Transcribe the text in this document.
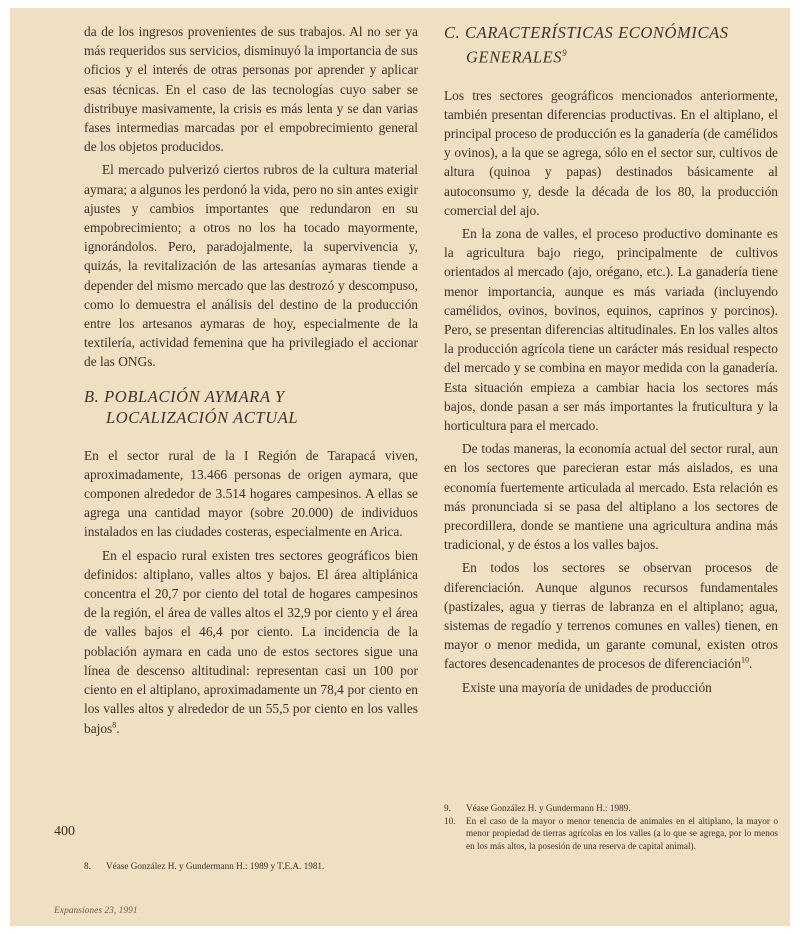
da de los ingresos provenientes de sus trabajos. Al no ser ya más requeridos sus servicios, disminuyó la importancia de sus oficios y el interés de otras personas por aprender y aplicar esas técnicas. En el caso de las tecnologías cuyo saber se distribuye masivamente, la crisis es más lenta y se dan varias fases intermedias marcadas por el empobrecimiento general de los objetos producidos.

El mercado pulverizó ciertos rubros de la cultura material aymara; a algunos les perdonó la vida, pero no sin antes exigir ajustes y cambios importantes que redundaron en su empobrecimiento; a otros no los ha tocado mayormente, ignorándolos. Pero, paradojalmente, la supervivencia y, quizás, la revitalización de las artesanías aymaras tiende a depender del mismo mercado que las destrozó y descompuso, como lo demuestra el análisis del destino de la producción entre los artesanos aymaras de hoy, especialmente de la textilería, actividad femenina que ha privilegiado el accionar de las ONGs.

B. POBLACIÓN AYMARA Y
LOCALIZACIÓN ACTUAL

En el sector rural de la I Región de Tarapacá viven, aproximadamente, 13.466 personas de origen aymara, que componen alrededor de 3.514 hogares campesinos. A ellas se agrega una cantidad mayor (sobre 20.000) de individuos instalados en las ciudades costeras, especialmente en Arica.

En el espacio rural existen tres sectores geográficos bien definidos: altiplano, valles altos y bajos. El área altiplánica concentra el 20,7 por ciento del total de hogares campesinos de la región, el área de valles altos el 32,9 por ciento y el área de valles bajos el 46,4 por ciento. La incidencia de la población aymara en cada uno de estos sectores sigue una línea de descenso altitudinal: representan casi un 100 por ciento en el altiplano, aproximadamente un 78,4 por ciento en los valles altos y alrededor de un 55,5 por ciento en los valles bajos$^8$.

C. CARACTERÍSTICAS ECONÓMICAS
GENERALES$^9$

Los tres sectores geográficos mencionados anteriormente, también presentan diferencias productivas. En el altiplano, el principal proceso de producción es la ganadería (de camélidos y ovinos), a la que se agrega, sólo en el sector sur, cultivos de altura (quinoa y papas) destinados básicamente al autoconsumo y, desde la década de los 80, la producción comercial del ajo.

En la zona de valles, el proceso productivo dominante es la agricultura bajo riego, principalmente de cultivos orientados al mercado (ajo, orégano, etc.). La ganadería tiene menor importancia, aunque es más variada (incluyendo camélidos, ovinos, bovinos, equinos, caprinos y porcinos). Pero, se presentan diferencias altitudinales. En los valles altos la producción agrícola tiene un carácter más residual respecto del mercado y se combina en mayor medida con la ganadería. Esta situación empieza a cambiar hacia los sectores más bajos, donde pasan a ser más importantes la fruticultura y la horticultura para el mercado.

De todas maneras, la economía actual del sector rural, aun en los sectores que parecieran estar más aislados, es una economía fuertemente articulada al mercado. Esta relación es más pronunciada si se pasa del altiplano a los sectores de precordillera, donde se mantiene una agricultura andina más tradicional, y de éstos a los valles bajos.

En todos los sectores se observan procesos de diferenciación. Aunque algunos recursos fundamentales (pastizales, agua y tierras de labranza en el altiplano; agua, sistemas de regadío y terrenos comunes en valles) tienen, en mayor o menor medida, un garante comunal, existen otros factores desencadenantes de procesos de diferenciación$^{10}$.

Existe una mayoría de unidades de producción

9.	Véase González H. y Gundermann H.: 1989.
10.	En el caso de la mayor o menor tenencia de animales en el altiplano, la mayor o menor propiedad de tierras agrícolas en los valles (a lo que se agrega, por lo menos en los más altos, la posesión de una reserva de capital animal).
8.	Véase González H. y Gundermann H.: 1989 y T.E.A. 1981.
400
Expansiones 23, 1991
